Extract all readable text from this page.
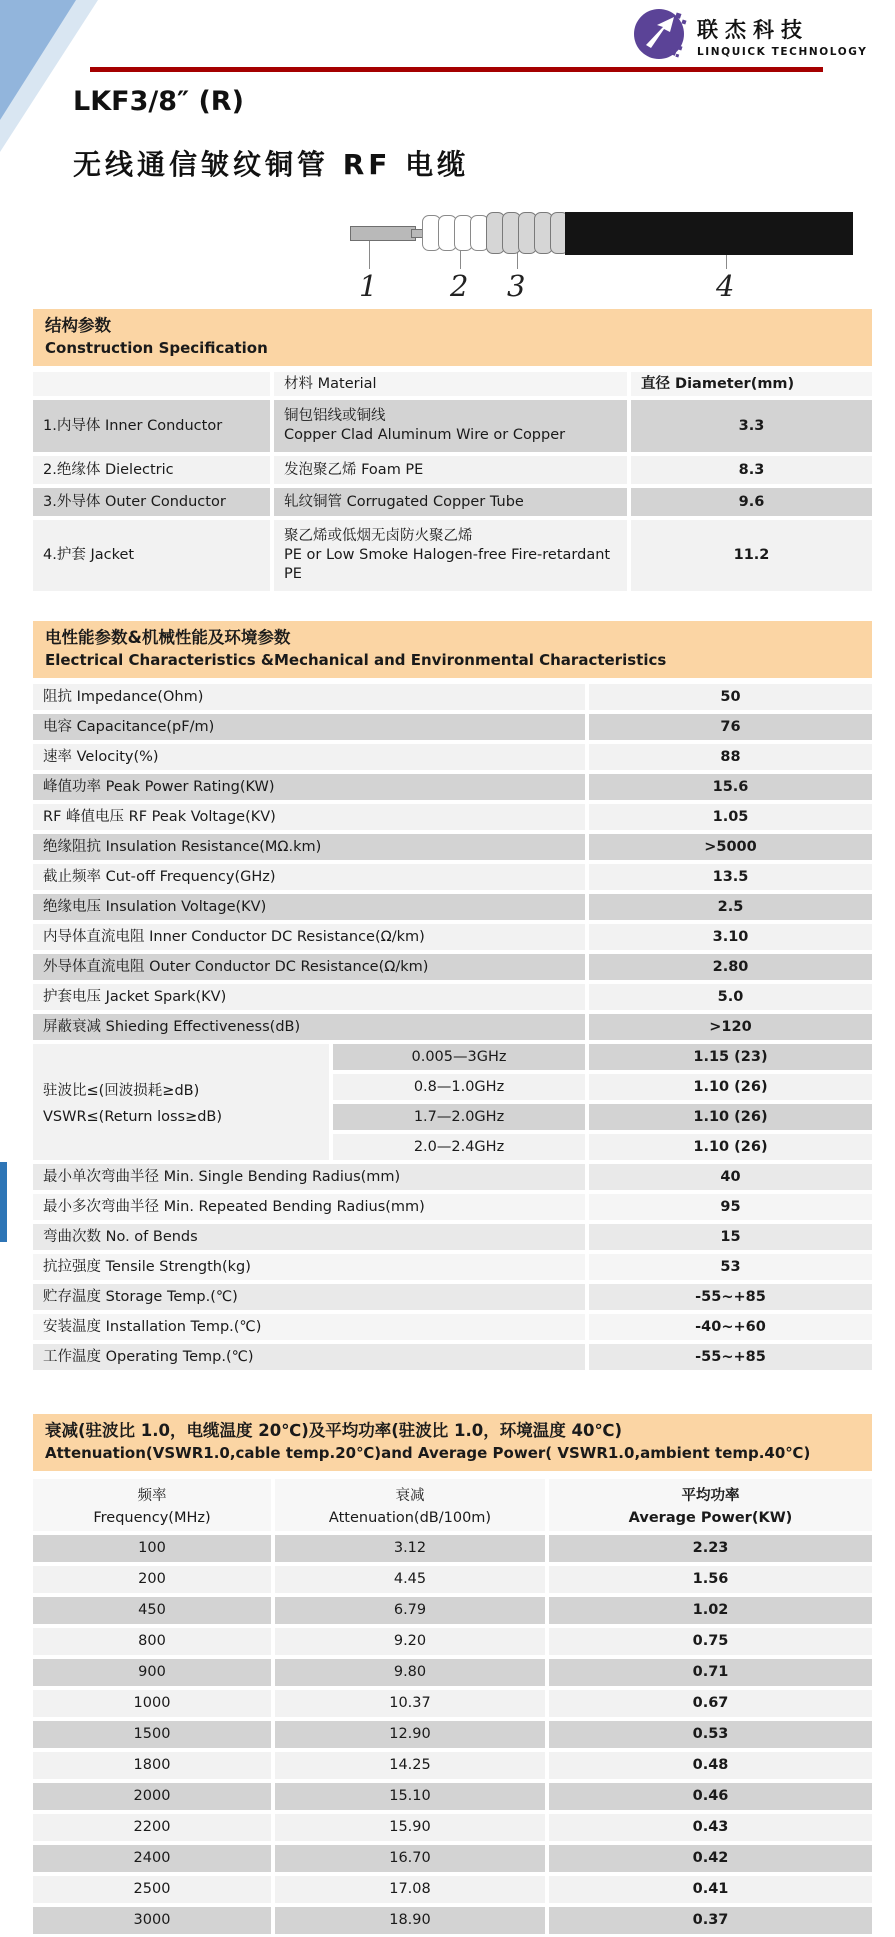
联杰科技
LINQUICK TECHNOLOGY
LKF3/8″ (R)
无线通信皱纹铜管 RF 电缆
1	2 3	4
结构参数
Construction Specification
材料 Material	直径 Diameter(mm)
1.内导体 Inner Conductor
铜包铝线或铜线
Copper Clad Aluminum Wire or Copper
3.3
2.绝缘体 Dielectric	发泡聚乙烯 Foam PE	8.3
3.外导体 Outer Conductor	轧纹铜管 Corrugated Copper Tube	9.6
4.护套 Jacket
聚乙烯或低烟无卤防火聚乙烯
PE or Low Smoke Halogen-free Fire-retardant PE
11.2
电性能参数&机械性能及环境参数
Electrical Characteristics &Mechanical and Environmental Characteristics
阻抗 Impedance(Ohm)	50
电容 Capacitance(pF/m)	76
速率 Velocity(%)	88
峰值功率 Peak Power Rating(KW)	15.6
RF 峰值电压 RF Peak Voltage(KV)	1.05
绝缘阻抗 Insulation Resistance(MΩ.km)	>5000
截止频率 Cut-off Frequency(GHz)	13.5
绝缘电压 Insulation Voltage(KV)	2.5
内导体直流电阻 Inner Conductor DC Resistance(Ω/km)	3.10
外导体直流电阻 Outer Conductor DC Resistance(Ω/km)	2.80
护套电压 Jacket Spark(KV)	5.0
屏蔽衰减 Shieding Effectiveness(dB)	>120
驻波比≤(回波损耗≥dB)
VSWR≤(Return loss≥dB)
0.005—3GHz	1.15 (23)
0.8—1.0GHz	1.10 (26)
1.7—2.0GHz	1.10 (26)
2.0—2.4GHz	1.10 (26)
最小单次弯曲半径 Min. Single Bending Radius(mm)	40
最小多次弯曲半径 Min. Repeated Bending Radius(mm)	95
弯曲次数 No. of Bends	15
抗拉强度 Tensile Strength(kg)	53
贮存温度 Storage Temp.(℃)	-55~+85
安装温度 Installation Temp.(℃)	-40~+60
工作温度 Operating Temp.(℃)	-55~+85
衰减(驻波比 1.0，电缆温度 20℃)及平均功率(驻波比 1.0，环境温度 40℃)
Attenuation(VSWR1.0,cable temp.20℃)and Average Power( VSWR1.0,ambient temp.40℃)
频率
Frequency(MHz)
衰减
Attenuation(dB/100m)
平均功率
Average Power(KW)
100	3.12	2.23
200	4.45	1.56
450	6.79	1.02
800	9.20	0.75
900	9.80	0.71
1000	10.37	0.67
1500	12.90	0.53
1800	14.25	0.48
2000	15.10	0.46
2200	15.90	0.43
2400	16.70	0.42
2500	17.08	0.41
3000	18.90	0.37
